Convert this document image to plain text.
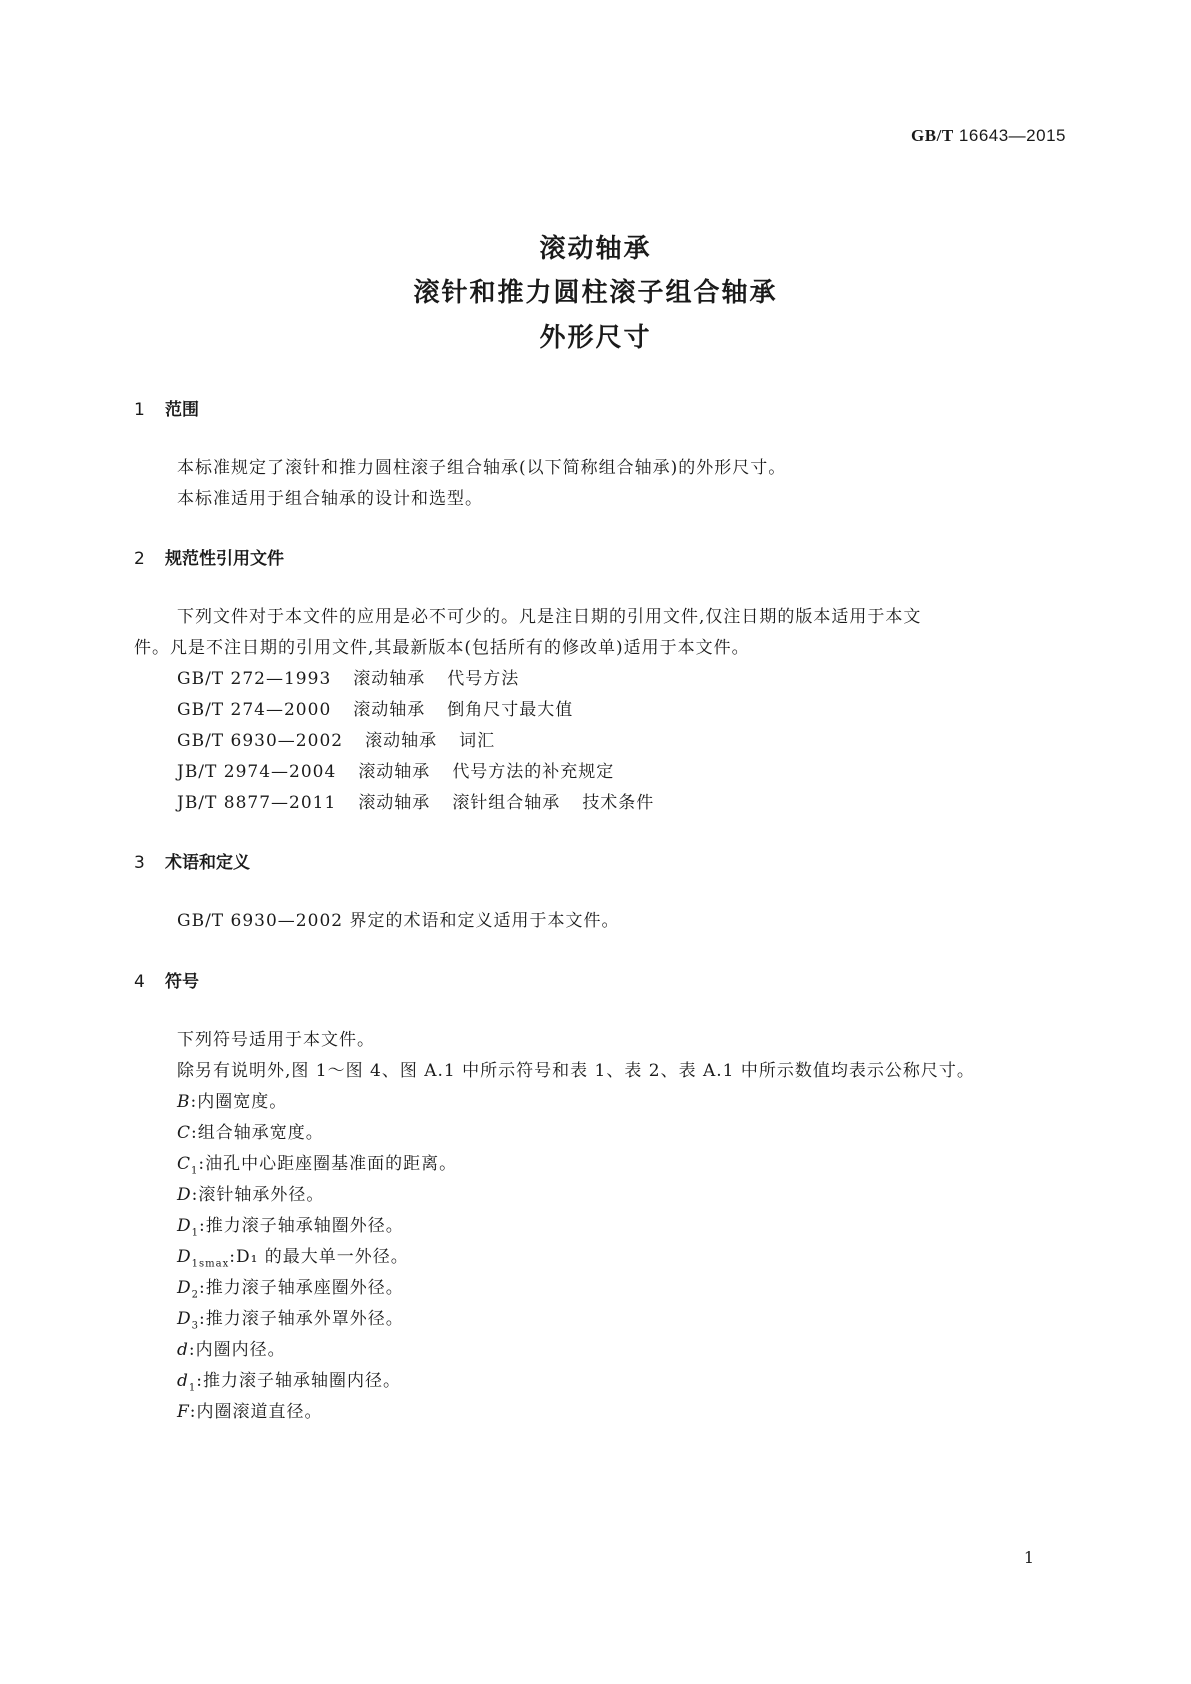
GB/T 16643—2015
滚动轴承
滚针和推力圆柱滚子组合轴承
外形尺寸
1 范围
本标准规定了滚针和推力圆柱滚子组合轴承(以下简称组合轴承)的外形尺寸。
本标准适用于组合轴承的设计和选型。
2 规范性引用文件
下列文件对于本文件的应用是必不可少的。凡是注日期的引用文件,仅注日期的版本适用于本文
件。凡是不注日期的引用文件,其最新版本(包括所有的修改单)适用于本文件。
GB/T 272—1993 滚动轴承 代号方法
GB/T 274—2000 滚动轴承 倒角尺寸最大值
GB/T 6930—2002 滚动轴承 词汇
JB/T 2974—2004 滚动轴承 代号方法的补充规定
JB/T 8877—2011 滚动轴承 滚针组合轴承 技术条件
3 术语和定义
GB/T 6930—2002 界定的术语和定义适用于本文件。
4 符号
下列符号适用于本文件。
除另有说明外,图 1～图 4、图 A.1 中所示符号和表 1、表 2、表 A.1 中所示数值均表示公称尺寸。
B:内圈宽度。
C:组合轴承宽度。
$C_1$:油孔中心距座圈基准面的距离。
D:滚针轴承外径。
$D_1$:推力滚子轴承轴圈外径。
$D_{1smax}:D_1$ 的最大单一外径。
$D_2$:推力滚子轴承座圈外径。
$D_3$:推力滚子轴承外罩外径。
d:内圈内径。
$d_1$:推力滚子轴承轴圈内径。
F:内圈滚道直径。
1
